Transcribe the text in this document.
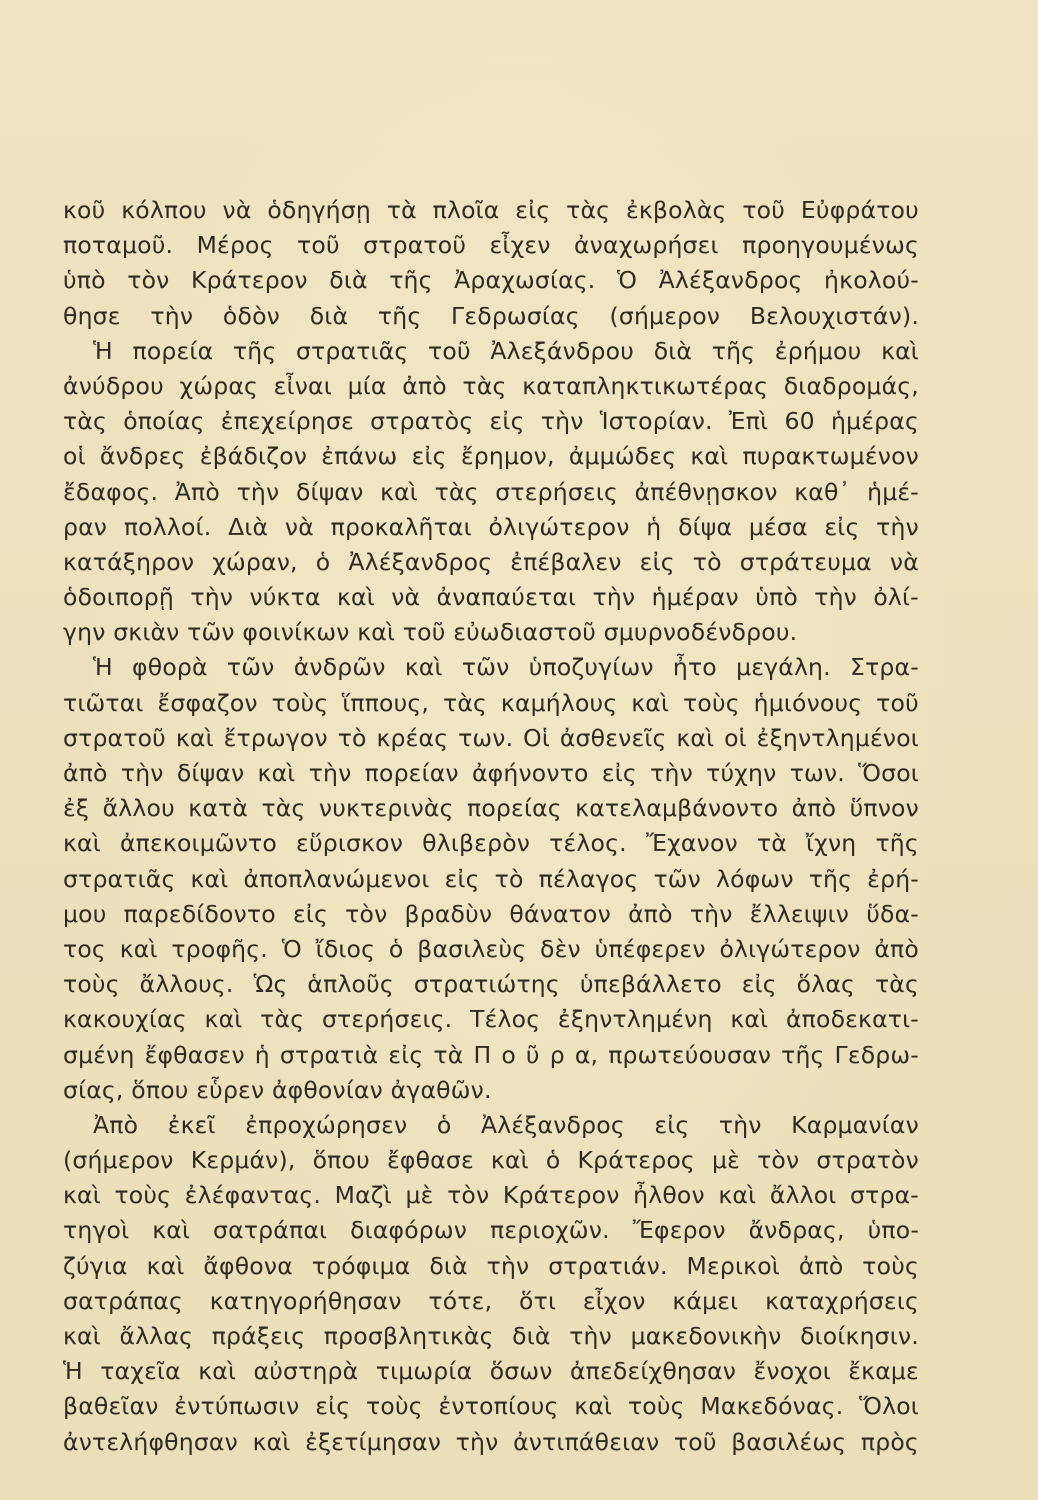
κοῦ κόλπου νὰ ὁδηγήσῃ τὰ πλοῖα εἰς τὰς ἐκβολὰς τοῦ Εὐφράτου
ποταμοῦ. Μέρος τοῦ στρατοῦ εἶχεν ἀναχωρήσει προηγουμένως
ὑπὸ τὸν Κράτερον διὰ τῆς Ἀραχωσίας. Ὁ Ἀλέξανδρος ἠκολού-
θησε τὴν ὁδὸν διὰ τῆς Γεδρωσίας (σήμερον Βελουχιστάν).
Ἡ πορεία τῆς στρατιᾶς τοῦ Ἀλεξάνδρου διὰ τῆς ἐρήμου καὶ
ἀνύδρου χώρας εἶναι μία ἀπὸ τὰς καταπληκτικωτέρας διαδρομάς,
τὰς ὁποίας ἐπεχείρησε στρατὸς εἰς τὴν Ἱστορίαν. Ἐπὶ 60 ἡμέρας
οἱ ἄνδρες ἐβάδιζον ἐπάνω εἰς ἔρημον, ἀμμώδες καὶ πυρακτωμένον
ἔδαφος. Ἀπὸ τὴν δίψαν καὶ τὰς στερήσεις ἀπέθνῃσκον καθ᾿ ἡμέ-
ραν πολλοί. Διὰ νὰ προκαλῆται ὀλιγώτερον ἡ δίψα μέσα εἰς τὴν
κατάξηρον χώραν, ὁ Ἀλέξανδρος ἐπέβαλεν εἰς τὸ στράτευμα νὰ
ὁδοιπορῇ τὴν νύκτα καὶ νὰ ἀναπαύεται τὴν ἡμέραν ὑπὸ τὴν ὀλί-
γην σκιὰν τῶν φοινίκων καὶ τοῦ εὐωδιαστοῦ σμυρνοδένδρου.
Ἡ φθορὰ τῶν ἀνδρῶν καὶ τῶν ὑποζυγίων ἦτο μεγάλη. Στρα-
τιῶται ἔσφαζον τοὺς ἵππους, τὰς καμήλους καὶ τοὺς ἡμιόνους τοῦ
στρατοῦ καὶ ἔτρωγον τὸ κρέας των. Οἱ ἀσθενεῖς καὶ οἱ ἐξηντλημένοι
ἀπὸ τὴν δίψαν καὶ τὴν πορείαν ἀφήνοντο εἰς τὴν τύχην των. Ὅσοι
ἐξ ἄλλου κατὰ τὰς νυκτερινὰς πορείας κατελαμβάνοντο ἀπὸ ὕπνον
καὶ ἀπεκοιμῶντο εὕρισκον θλιβερὸν τέλος. Ἔχανον τὰ ἴχνη τῆς
στρατιᾶς καὶ ἀποπλανώμενοι εἰς τὸ πέλαγος τῶν λόφων τῆς ἐρή-
μου παρεδίδοντο εἰς τὸν βραδὺν θάνατον ἀπὸ τὴν ἔλλειψιν ὕδα-
τος καὶ τροφῆς. Ὁ ἴδιος ὁ βασιλεὺς δὲν ὑπέφερεν ὀλιγώτερον ἀπὸ
τοὺς ἄλλους. Ὡς ἁπλοῦς στρατιώτης ὑπεβάλλετο εἰς ὅλας τὰς
κακουχίας καὶ τὰς στερήσεις. Τέλος ἐξηντλημένη καὶ ἀποδεκατι-
σμένη ἔφθασεν ἡ στρατιὰ εἰς τὰ Π ο ῦ ρ α, πρωτεύουσαν τῆς Γεδρω-
σίας, ὅπου εὗρεν ἀφθονίαν ἀγαθῶν.
Ἀπὸ ἐκεῖ ἐπροχώρησεν ὁ Ἀλέξανδρος εἰς τὴν Καρμανίαν
(σήμερον Κερμάν), ὅπου ἔφθασε καὶ ὁ Κράτερος μὲ τὸν στρατὸν
καὶ τοὺς ἐλέφαντας. Μαζὶ μὲ τὸν Κράτερον ἦλθον καὶ ἄλλοι στρα-
τηγοὶ καὶ σατράπαι διαφόρων περιοχῶν. Ἔφερον ἄνδρας, ὑπο-
ζύγια καὶ ἄφθονα τρόφιμα διὰ τὴν στρατιάν. Μερικοὶ ἀπὸ τοὺς
σατράπας κατηγορήθησαν τότε, ὅτι εἶχον κάμει καταχρήσεις
καὶ ἄλλας πράξεις προσβλητικὰς διὰ τὴν μακεδονικὴν διοίκησιν.
Ἡ ταχεῖα καὶ αὐστηρὰ τιμωρία ὅσων ἀπεδείχθησαν ἔνοχοι ἔκαμε
βαθεῖαν ἐντύπωσιν εἰς τοὺς ἐντοπίους καὶ τοὺς Μακεδόνας. Ὅλοι
ἀντελήφθησαν καὶ ἐξετίμησαν τὴν ἀντιπάθειαν τοῦ βασιλέως πρὸς
